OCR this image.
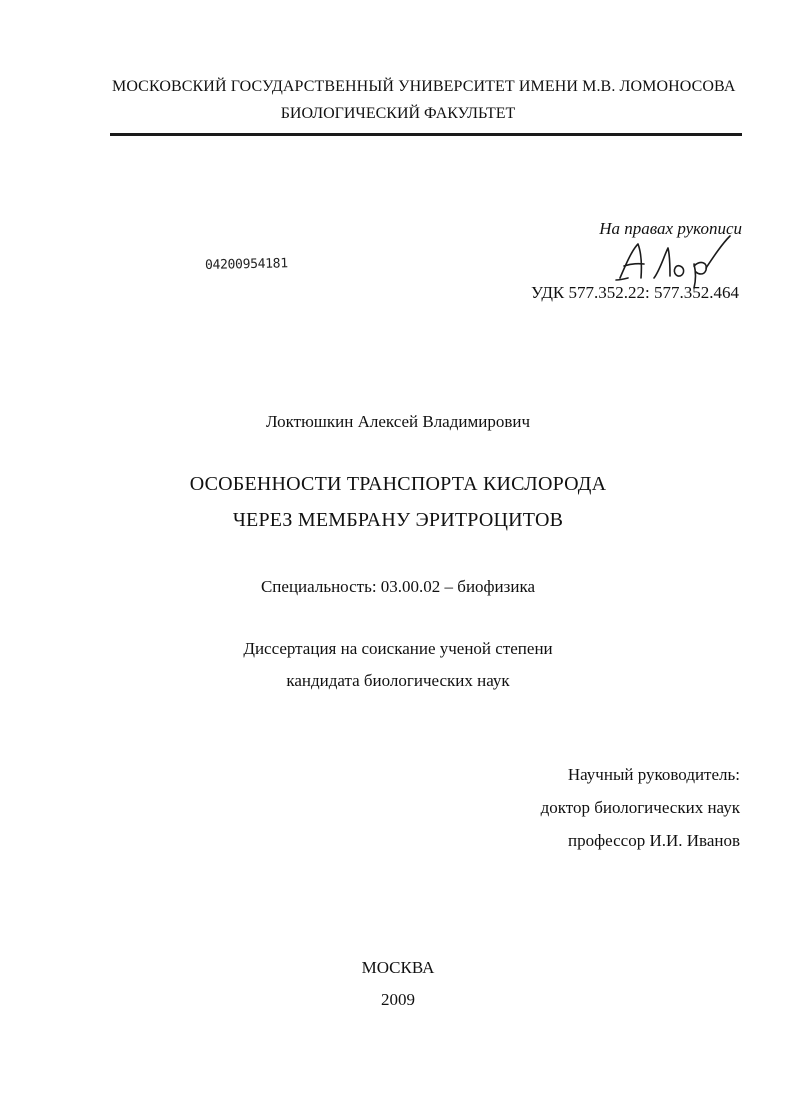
МОСКОВСКИЙ ГОСУДАРСТВЕННЫЙ УНИВЕРСИТЕТ ИМЕНИ М.В. ЛОМОНОСОВА
БИОЛОГИЧЕСКИЙ ФАКУЛЬТЕТ
На правах рукописи
04200954181
УДК 577.352.22: 577.352.464
Локтюшкин Алексей Владимирович
ОСОБЕННОСТИ ТРАНСПОРТА КИСЛОРОДА
ЧЕРЕЗ МЕМБРАНУ ЭРИТРОЦИТОВ
Специальность: 03.00.02 – биофизика
Диссертация на соискание ученой степени
кандидата биологических наук
Научный руководитель:
доктор биологических наук
профессор И.И. Иванов
МОСКВА
2009
